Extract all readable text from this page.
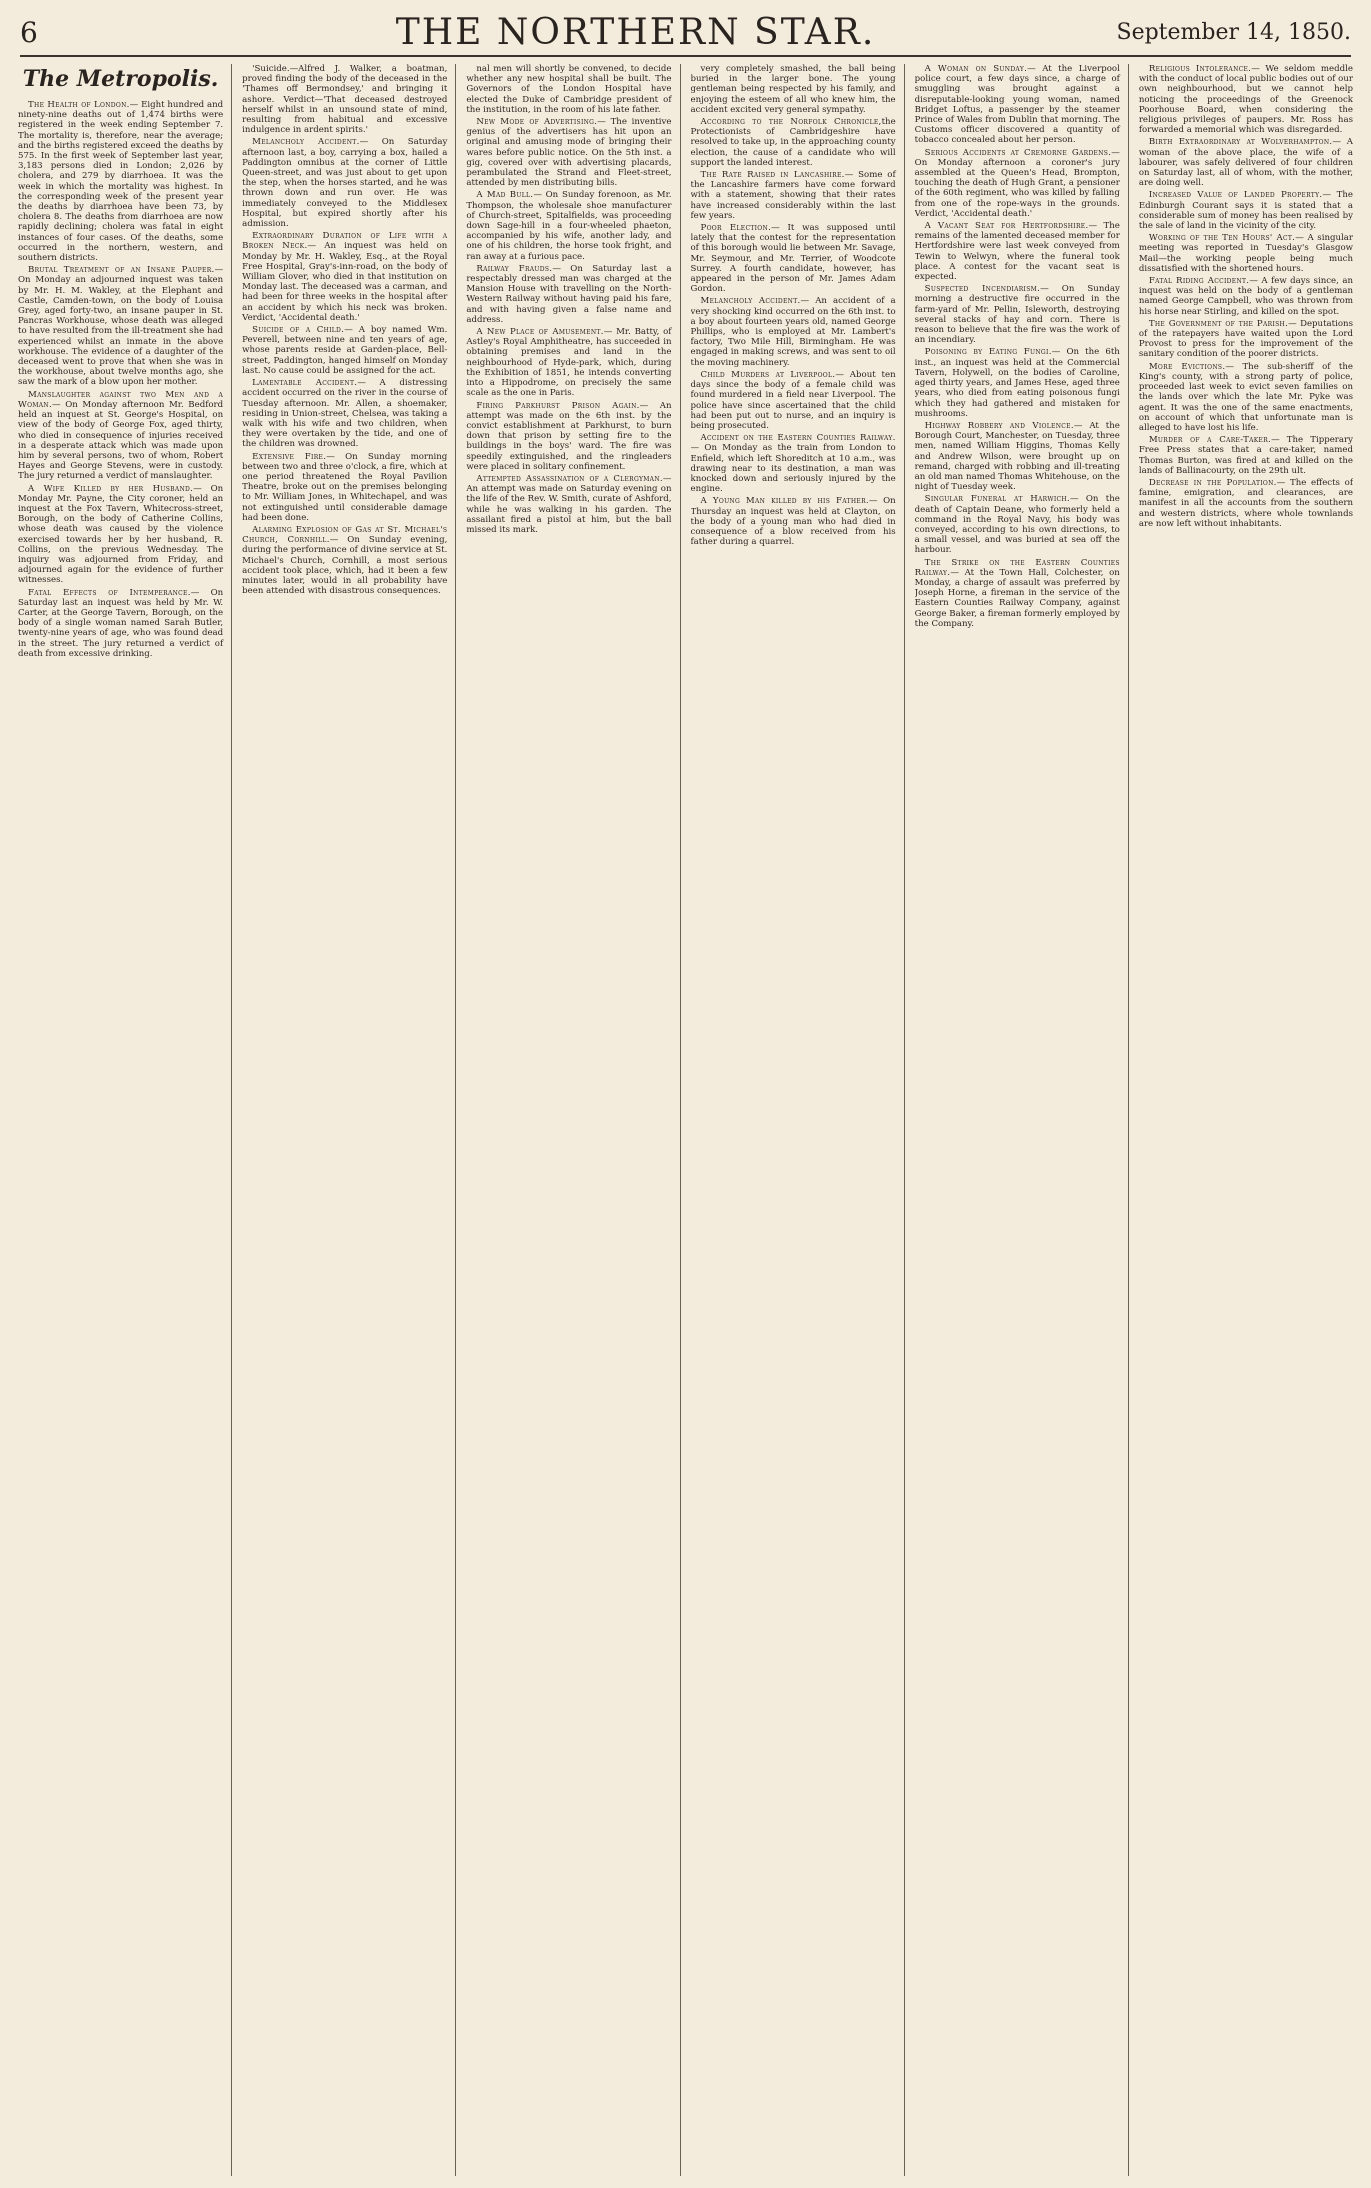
6	THE NORTHERN STAR.	September 14, 1850.
The Metropolis.

The Health of London.— Eight hundred and ninety-nine deaths out of 1,474 births were registered in the week ending September 7. The mortality is, therefore, near the average; and the births registered exceed the deaths by 575. In the first week of September last year, 3,183 persons died in London; 2,026 by cholera, and 279 by diarrhoea. It was the week in which the mortality was highest. In the corresponding week of the present year the deaths by diarrhoea have been 73, by cholera 8. The deaths from diarrhoea are now rapidly declining; cholera was fatal in eight instances of four cases. Of the deaths, some occurred in the northern, western, and southern districts.

Brutal Treatment of an Insane Pauper.— On Monday an adjourned inquest was taken by Mr. H. M. Wakley, at the Elephant and Castle, Camden-town, on the body of Louisa Grey, aged forty-two, an insane pauper in St. Pancras Workhouse, whose death was alleged to have resulted from the ill-treatment she had experienced whilst an inmate in the above workhouse. The evidence of a daughter of the deceased went to prove that when she was in the workhouse, about twelve months ago, she saw the mark of a blow upon her mother.

Manslaughter against two Men and a Woman.— On Monday afternoon Mr. Bedford held an inquest at St. George's Hospital, on view of the body of George Fox, aged thirty, who died in consequence of injuries received in a desperate attack which was made upon him by several persons, two of whom, Robert Hayes and George Stevens, were in custody. The jury returned a verdict of manslaughter.

A Wife Killed by her Husband.— On Monday Mr. Payne, the City coroner, held an inquest at the Fox Tavern, Whitecross-street, Borough, on the body of Catherine Collins, whose death was caused by the violence exercised towards her by her husband, R. Collins, on the previous Wednesday. The inquiry was adjourned from Friday, and adjourned again for the evidence of further witnesses.

Fatal Effects of Intemperance.— On Saturday last an inquest was held by Mr. W. Carter, at the George Tavern, Borough, on the body of a single woman named Sarah Butler, twenty-nine years of age, who was found dead in the street. The jury returned a verdict of death from excessive drinking.

'Suicide.—Alfred J. Walker, a boatman, proved finding the body of the deceased in the 'Thames off Bermondsey,' and bringing it ashore. Verdict—'That deceased destroyed herself whilst in an unsound state of mind, resulting from habitual and excessive indulgence in ardent spirits.'

Melancholy Accident.— On Saturday afternoon last, a boy, carrying a box, hailed a Paddington omnibus at the corner of Little Queen-street, and was just about to get upon the step, when the horses started, and he was thrown down and run over. He was immediately conveyed to the Middlesex Hospital, but expired shortly after his admission.

Extraordinary Duration of Life with a Broken Neck.— An inquest was held on Monday by Mr. H. Wakley, Esq., at the Royal Free Hospital, Gray's-inn-road, on the body of William Glover, who died in that institution on Monday last. The deceased was a carman, and had been for three weeks in the hospital after an accident by which his neck was broken. Verdict, 'Accidental death.'

Suicide of a Child.— A boy named Wm. Peverell, between nine and ten years of age, whose parents reside at Garden-place, Bell-street, Paddington, hanged himself on Monday last. No cause could be assigned for the act.

Lamentable Accident.— A distressing accident occurred on the river in the course of Tuesday afternoon. Mr. Allen, a shoemaker, residing in Union-street, Chelsea, was taking a walk with his wife and two children, when they were overtaken by the tide, and one of the children was drowned.

Extensive Fire.— On Sunday morning between two and three o'clock, a fire, which at one period threatened the Royal Pavilion Theatre, broke out on the premises belonging to Mr. William Jones, in Whitechapel, and was not extinguished until considerable damage had been done.

Alarming Explosion of Gas at St. Michael's Church, Cornhill.— On Sunday evening, during the performance of divine service at St. Michael's Church, Cornhill, a most serious accident took place, which, had it been a few minutes later, would in all probability have been attended with disastrous consequences.

nal men will shortly be convened, to decide whether any new hospital shall be built. The Governors of the London Hospital have elected the Duke of Cambridge president of the institution, in the room of his late father.

New Mode of Advertising.— The inventive genius of the advertisers has hit upon an original and amusing mode of bringing their wares before public notice. On the 5th inst. a gig, covered over with advertising placards, perambulated the Strand and Fleet-street, attended by men distributing bills.

A Mad Bull.— On Sunday forenoon, as Mr. Thompson, the wholesale shoe manufacturer of Church-street, Spitalfields, was proceeding down Sage-hill in a four-wheeled phaeton, accompanied by his wife, another lady, and one of his children, the horse took fright, and ran away at a furious pace.

Railway Frauds.— On Saturday last a respectably dressed man was charged at the Mansion House with travelling on the North-Western Railway without having paid his fare, and with having given a false name and address.

A New Place of Amusement.— Mr. Batty, of Astley's Royal Amphitheatre, has succeeded in obtaining premises and land in the neighbourhood of Hyde-park, which, during the Exhibition of 1851, he intends converting into a Hippodrome, on precisely the same scale as the one in Paris.

Firing Parkhurst Prison Again.— An attempt was made on the 6th inst. by the convict establishment at Parkhurst, to burn down that prison by setting fire to the buildings in the boys' ward. The fire was speedily extinguished, and the ringleaders were placed in solitary confinement.

Attempted Assassination of a Clergyman.— An attempt was made on Saturday evening on the life of the Rev. W. Smith, curate of Ashford, while he was walking in his garden. The assailant fired a pistol at him, but the ball missed its mark.

very completely smashed, the ball being buried in the larger bone. The young gentleman being respected by his family, and enjoying the esteem of all who knew him, the accident excited very general sympathy.

According to the Norfolk Chronicle,the Protectionists of Cambridgeshire have resolved to take up, in the approaching county election, the cause of a candidate who will support the landed interest.

The Rate Raised in Lancashire.— Some of the Lancashire farmers have come forward with a statement, showing that their rates have increased considerably within the last few years.

Poor Election.— It was supposed until lately that the contest for the representation of this borough would lie between Mr. Savage, Mr. Seymour, and Mr. Terrier, of Woodcote Surrey. A fourth candidate, however, has appeared in the person of Mr. James Adam Gordon.

Melancholy Accident.— An accident of a very shocking kind occurred on the 6th inst. to a boy about fourteen years old, named George Phillips, who is employed at Mr. Lambert's factory, Two Mile Hill, Birmingham. He was engaged in making screws, and was sent to oil the moving machinery.

Child Murders at Liverpool.— About ten days since the body of a female child was found murdered in a field near Liverpool. The police have since ascertained that the child had been put out to nurse, and an inquiry is being prosecuted.

Accident on the Eastern Counties Railway.— On Monday as the train from London to Enfield, which left Shoreditch at 10 a.m., was drawing near to its destination, a man was knocked down and seriously injured by the engine.

A Young Man killed by his Father.— On Thursday an inquest was held at Clayton, on the body of a young man who had died in consequence of a blow received from his father during a quarrel.

A Woman on Sunday.— At the Liverpool police court, a few days since, a charge of smuggling was brought against a disreputable-looking young woman, named Bridget Loftus, a passenger by the steamer Prince of Wales from Dublin that morning. The Customs officer discovered a quantity of tobacco concealed about her person.

Serious Accidents at Cremorne Gardens.— On Monday afternoon a coroner's jury assembled at the Queen's Head, Brompton, touching the death of Hugh Grant, a pensioner of the 60th regiment, who was killed by falling from one of the rope-ways in the grounds. Verdict, 'Accidental death.'

A Vacant Seat for Hertfordshire.— The remains of the lamented deceased member for Hertfordshire were last week conveyed from Tewin to Welwyn, where the funeral took place. A contest for the vacant seat is expected.

Suspected Incendiarism.— On Sunday morning a destructive fire occurred in the farm-yard of Mr. Pellin, Isleworth, destroying several stacks of hay and corn. There is reason to believe that the fire was the work of an incendiary.

Poisoning by Eating Fungi.— On the 6th inst., an inquest was held at the Commercial Tavern, Holywell, on the bodies of Caroline, aged thirty years, and James Hese, aged three years, who died from eating poisonous fungi which they had gathered and mistaken for mushrooms.

Highway Robbery and Violence.— At the Borough Court, Manchester, on Tuesday, three men, named William Higgins, Thomas Kelly and Andrew Wilson, were brought up on remand, charged with robbing and ill-treating an old man named Thomas Whitehouse, on the night of Tuesday week.

Singular Funeral at Harwich.— On the death of Captain Deane, who formerly held a command in the Royal Navy, his body was conveyed, according to his own directions, to a small vessel, and was buried at sea off the harbour.

The Strike on the Eastern Counties Railway.— At the Town Hall, Colchester, on Monday, a charge of assault was preferred by Joseph Horne, a fireman in the service of the Eastern Counties Railway Company, against George Baker, a fireman formerly employed by the Company.

Religious Intolerance.— We seldom meddle with the conduct of local public bodies out of our own neighbourhood, but we cannot help noticing the proceedings of the Greenock Poorhouse Board, when considering the religious privileges of paupers. Mr. Ross has forwarded a memorial which was disregarded.

Birth Extraordinary at Wolverhampton.— A woman of the above place, the wife of a labourer, was safely delivered of four children on Saturday last, all of whom, with the mother, are doing well.

Increased Value of Landed Property.— The Edinburgh Courant says it is stated that a considerable sum of money has been realised by the sale of land in the vicinity of the city.

Working of the Ten Hours' Act.— A singular meeting was reported in Tuesday's Glasgow Mail—the working people being much dissatisfied with the shortened hours.

Fatal Riding Accident.— A few days since, an inquest was held on the body of a gentleman named George Campbell, who was thrown from his horse near Stirling, and killed on the spot.

The Government of the Parish.— Deputations of the ratepayers have waited upon the Lord Provost to press for the improvement of the sanitary condition of the poorer districts.

More Evictions.— The sub-sheriff of the King's county, with a strong party of police, proceeded last week to evict seven families on the lands over which the late Mr. Pyke was agent. It was the one of the same enactments, on account of which that unfortunate man is alleged to have lost his life.

Murder of a Care-Taker.— The Tipperary Free Press states that a care-taker, named Thomas Burton, was fired at and killed on the lands of Ballinacourty, on the 29th ult.

Decrease in the Population.— The effects of famine, emigration, and clearances, are manifest in all the accounts from the southern and western districts, where whole townlands are now left without inhabitants.
